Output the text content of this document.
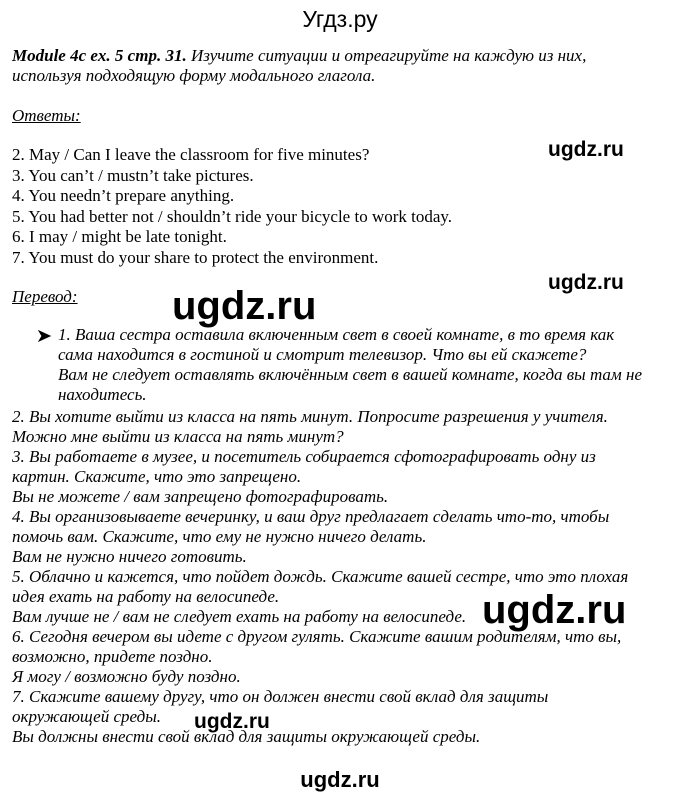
Угдз.ру
Module 4c ex. 5 стр. 31. Изучите ситуации и отреагируйте на каждую из них,
используя подходящую форму модального глагола.
Ответы:
2. May / Can I leave the classroom for five minutes?
3. You can’t / mustn’t take pictures.
4. You needn’t prepare anything.
5. You had better not / shouldn’t ride your bicycle to work today.
6. I may / might be late tonight.
7. You must do your share to protect the environment.
Перевод:
1. Ваша сестра оставила включенным свет в своей комнате, в то время как
сама находится в гостиной и смотрит телевизор. Что вы ей скажете?
Вам не следует оставлять включённым свет в вашей комнате, когда вы там не
находитесь.
2. Вы хотите выйти из класса на пять минут. Попросите разрешения у учителя.
Можно мне выйти из класса на пять минут?
3. Вы работаете в музее, и посетитель собирается сфотографировать одну из
картин. Скажите, что это запрещено.
Вы не можете / вам запрещено фотографировать.
4. Вы организовываете вечеринку, и ваш друг предлагает сделать что-то, чтобы
помочь вам. Скажите, что ему не нужно ничего делать.
Вам не нужно ничего готовить.
5. Облачно и кажется, что пойдет дождь. Скажите вашей сестре, что это плохая
идея ехать на работу на велосипеде.
Вам лучше не / вам не следует ехать на работу на велосипеде.
6. Сегодня вечером вы идете с другом гулять. Скажите вашим родителям, что вы,
возможно, придете поздно.
Я могу / возможно буду поздно.
7. Скажите вашему другу, что он должен внести свой вклад для защиты
окружающей среды.
Вы должны внести свой вклад для защиты окружающей среды.
ugdz.ru
ugdz.ru
ugdz.ru
ugdz.ru
ugdz.ru
ugdz.ru
